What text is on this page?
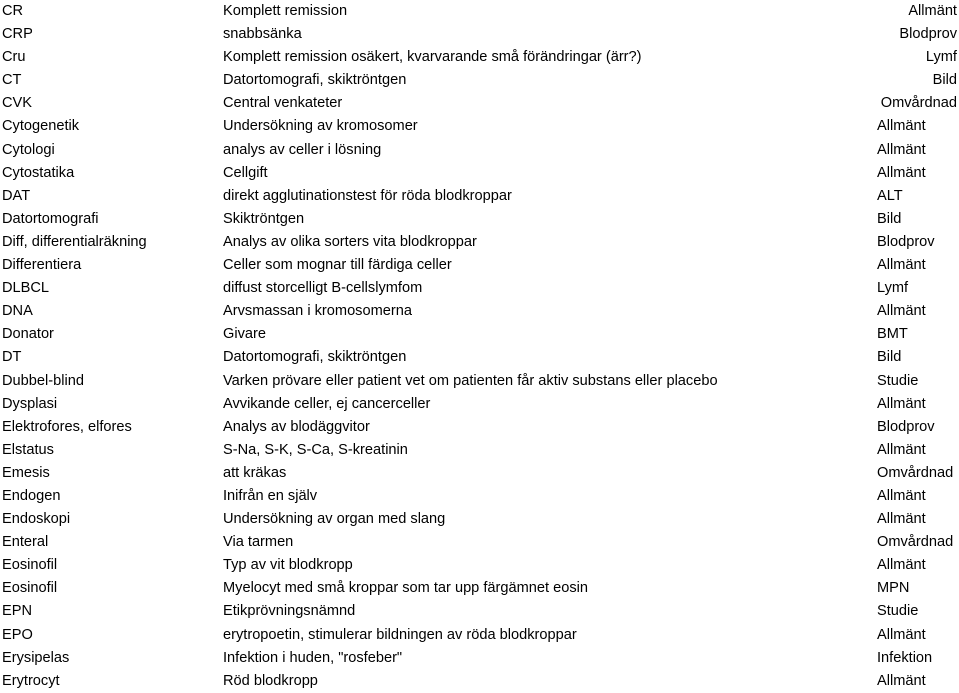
CR	Komplett remission	Allmänt
CRP	snabbsänka	Blodprov
Cru	Komplett remission osäkert, kvarvarande små förändringar (ärr?)	Lymf
CT	Datortomografi, skiktröntgen	Bild
CVK	Central venkateter	Omvårdnad
Cytogenetik	Undersökning av kromosomer	Allmänt
Cytologi	analys av celler i lösning	Allmänt
Cytostatika	Cellgift	Allmänt
DAT	direkt agglutinationstest för röda blodkroppar	ALT
Datortomografi	Skiktröntgen	Bild
Diff, differentialräkning	Analys av olika sorters vita blodkroppar	Blodprov
Differentiera	Celler som mognar till färdiga celler	Allmänt
DLBCL	diffust storcelligt B-cellslymfom	Lymf
DNA	Arvsmassan i kromosomerna	Allmänt
Donator	Givare	BMT
DT	Datortomografi, skiktröntgen	Bild
Dubbel-blind	Varken prövare eller patient vet om patienten får aktiv substans eller placebo	Studie
Dysplasi	Avvikande celler, ej cancerceller	Allmänt
Elektrofores, elfores	Analys av blodäggvitor	Blodprov
Elstatus	S-Na, S-K, S-Ca, S-kreatinin	Allmänt
Emesis	att kräkas	Omvårdnad
Endogen	Inifrån en själv	Allmänt
Endoskopi	Undersökning av organ med slang	Allmänt
Enteral	Via tarmen	Omvårdnad
Eosinofil	Typ av vit blodkropp	Allmänt
Eosinofil	Myelocyt med små kroppar som tar upp färgämnet eosin	MPN
EPN	Etikprövningsnämnd	Studie
EPO	erytropoetin, stimulerar bildningen av röda blodkroppar	Allmänt
Erysipelas	Infektion i huden, "rosfeber"	Infektion
Erytrocyt	Röd blodkropp	Allmänt
